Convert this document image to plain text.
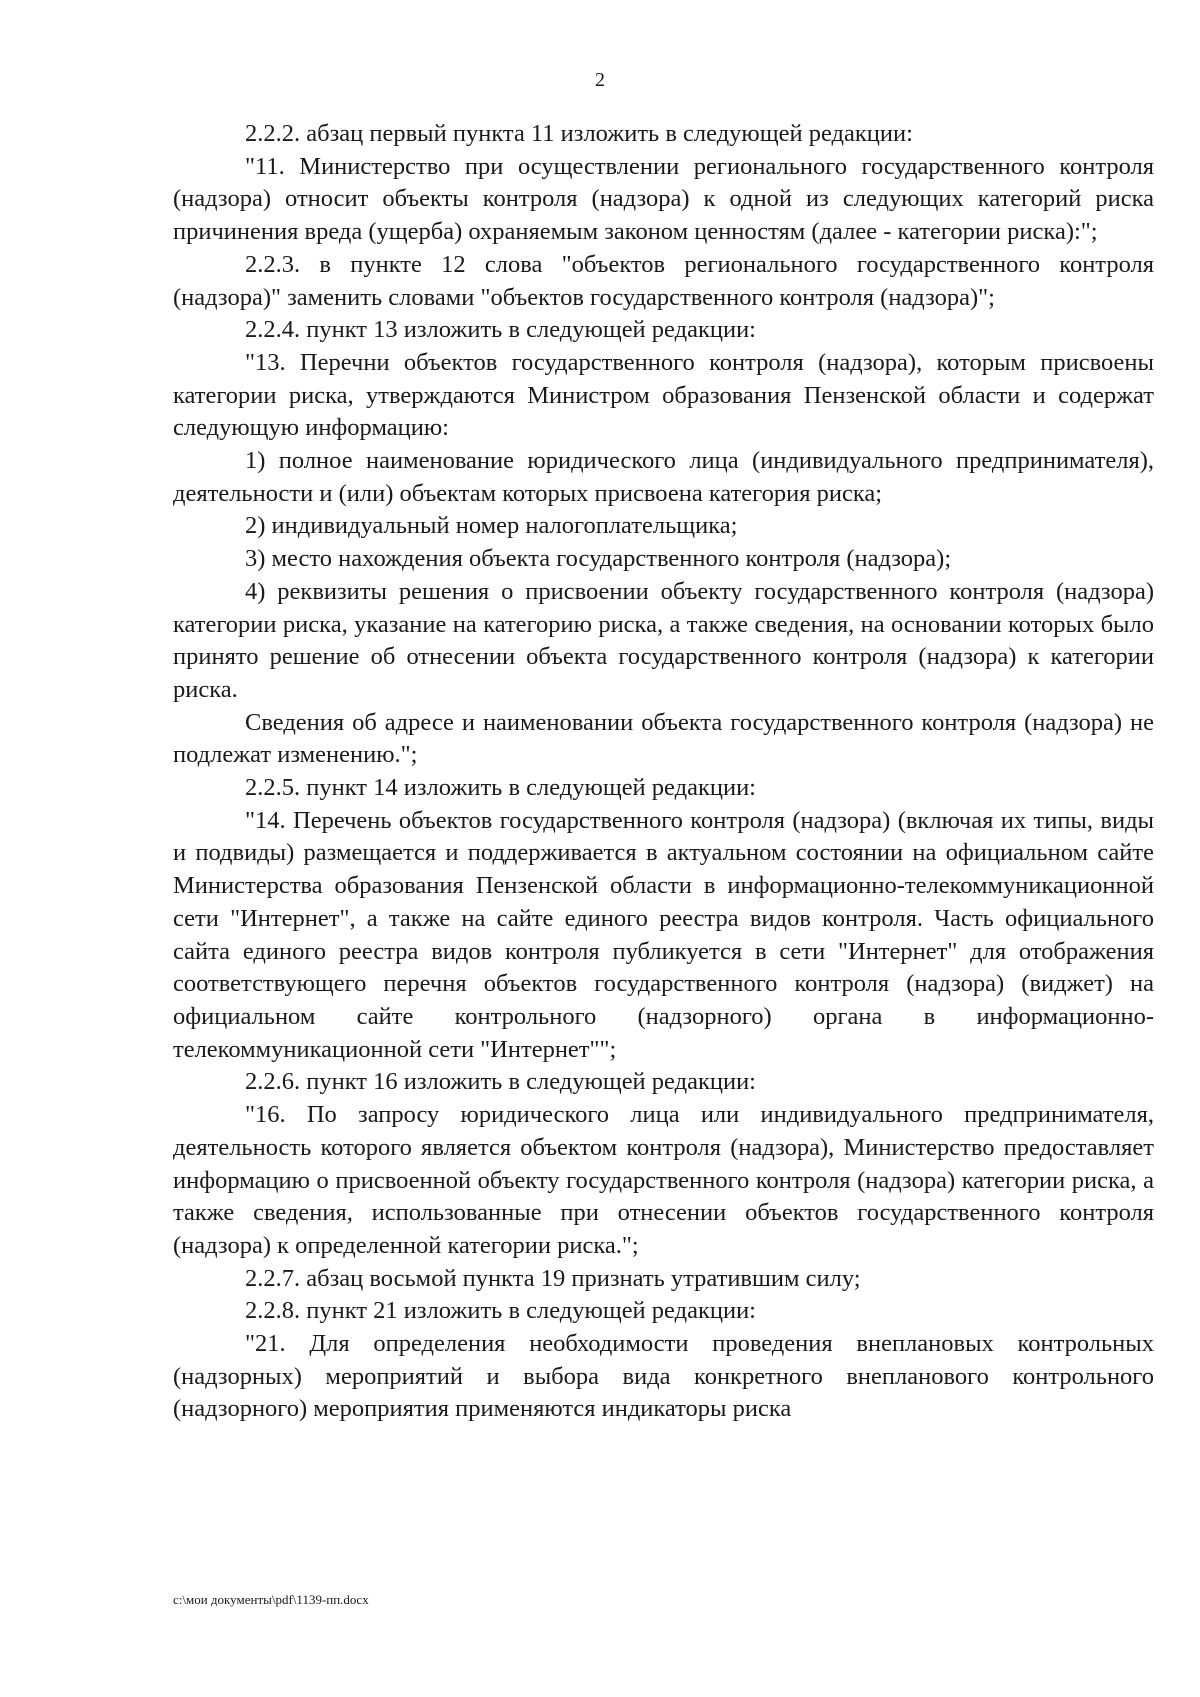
2

2.2.2. абзац первый пункта 11 изложить в следующей редакции:

"11. Министерство при осуществлении регионального государственного контроля (надзора) относит объекты контроля (надзора) к одной из следующих категорий риска причинения вреда (ущерба) охраняемым законом ценностям (далее - категории риска):";

2.2.3. в пункте 12 слова "объектов регионального государственного контроля (надзора)" заменить словами "объектов государственного контроля (надзора)";

2.2.4. пункт 13 изложить в следующей редакции:

"13. Перечни объектов государственного контроля (надзора), которым присвоены категории риска, утверждаются Министром образования Пензенской области и содержат следующую информацию:

1) полное наименование юридического лица (индивидуального предпринимателя), деятельности и (или) объектам которых присвоена категория риска;

2) индивидуальный номер налогоплательщика;

3) место нахождения объекта государственного контроля (надзора);

4) реквизиты решения о присвоении объекту государственного контроля (надзора) категории риска, указание на категорию риска, а также сведения, на основании которых было принято решение об отнесении объекта государственного контроля (надзора) к категории риска.

Сведения об адресе и наименовании объекта государственного контроля (надзора) не подлежат изменению.";

2.2.5. пункт 14 изложить в следующей редакции:

"14. Перечень объектов государственного контроля (надзора) (включая их типы, виды и подвиды) размещается и поддерживается в актуальном состоянии на официальном сайте Министерства образования Пензенской области в информационно-телекоммуникационной сети "Интернет", а также на сайте единого реестра видов контроля. Часть официального сайта единого реестра видов контроля публикуется в сети "Интернет" для отображения соответствующего перечня объектов государственного контроля (надзора) (виджет) на официальном сайте контрольного (надзорного) органа в информационно-телекоммуникационной сети "Интернет"";

2.2.6. пункт 16 изложить в следующей редакции:

"16. По запросу юридического лица или индивидуального предпринимателя, деятельность которого является объектом контроля (надзора), Министерство предоставляет информацию о присвоенной объекту государственного контроля (надзора) категории риска, а также сведения, использованные при отнесении объектов государственного контроля (надзора) к определенной категории риска.";

2.2.7. абзац восьмой пункта 19 признать утратившим силу;

2.2.8. пункт 21 изложить в следующей редакции:

"21. Для определения необходимости проведения внеплановых контрольных (надзорных) мероприятий и выбора вида конкретного внепланового контрольного (надзорного) мероприятия применяются индикаторы риска

c:\мои документы\pdf\1139-пп.docx
